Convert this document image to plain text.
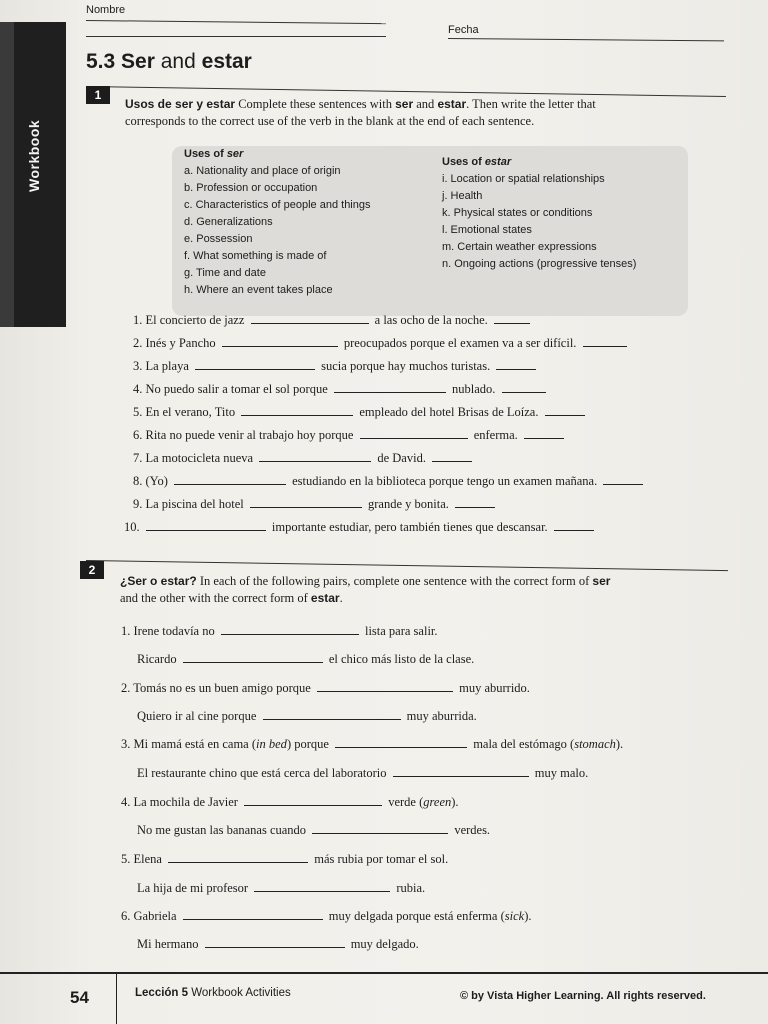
Workbook
Nombre
Fecha
5.3 Ser and estar
1
Usos de ser y estar Complete these sentences with ser and estar. Then write the letter that
corresponds to the correct use of the verb in the blank at the end of each sentence.
Uses of ser
a. Nationality and place of origin
b. Profession or occupation
c. Characteristics of people and things
d. Generalizations
e. Possession
f. What something is made of
g. Time and date
h. Where an event takes place
Uses of estar
i. Location or spatial relationships
j. Health
k. Physical states or conditions
l. Emotional states
m. Certain weather expressions
n. Ongoing actions (progressive tenses)
1. El concierto de jazz	a las ocho de la noche.
2. Inés y Pancho	preocupados porque el examen va a ser difícil.
3. La playa	sucia porque hay muchos turistas.
4. No puedo salir a tomar el sol porque	nublado.
5. En el verano, Tito	empleado del hotel Brisas de Loíza.
6. Rita no puede venir al trabajo hoy porque	enferma.
7. La motocicleta nueva	de David.
8. (Yo)	estudiando en la biblioteca porque tengo un examen mañana.
9. La piscina del hotel	grande y bonita.
10.	importante estudiar, pero también tienes que descansar.
2
¿Ser o estar? In each of the following pairs, complete one sentence with the correct form of ser
and the other with the correct form of estar.
1. Irene todavía no	lista para salir.
Ricardo	el chico más listo de la clase.
2. Tomás no es un buen amigo porque	muy aburrido.
Quiero ir al cine porque	muy aburrida.
3. Mi mamá está en cama (in bed) porque	mala del estómago (stomach).
El restaurante chino que está cerca del laboratorio	muy malo.
4. La mochila de Javier	verde (green).
No me gustan las bananas cuando	verdes.
5. Elena	más rubia por tomar el sol.
La hija de mi profesor	rubia.
6. Gabriela	muy delgada porque está enferma (sick).
Mi hermano	muy delgado.
54	Lección 5 Workbook Activities	© by Vista Higher Learning. All rights reserved.
